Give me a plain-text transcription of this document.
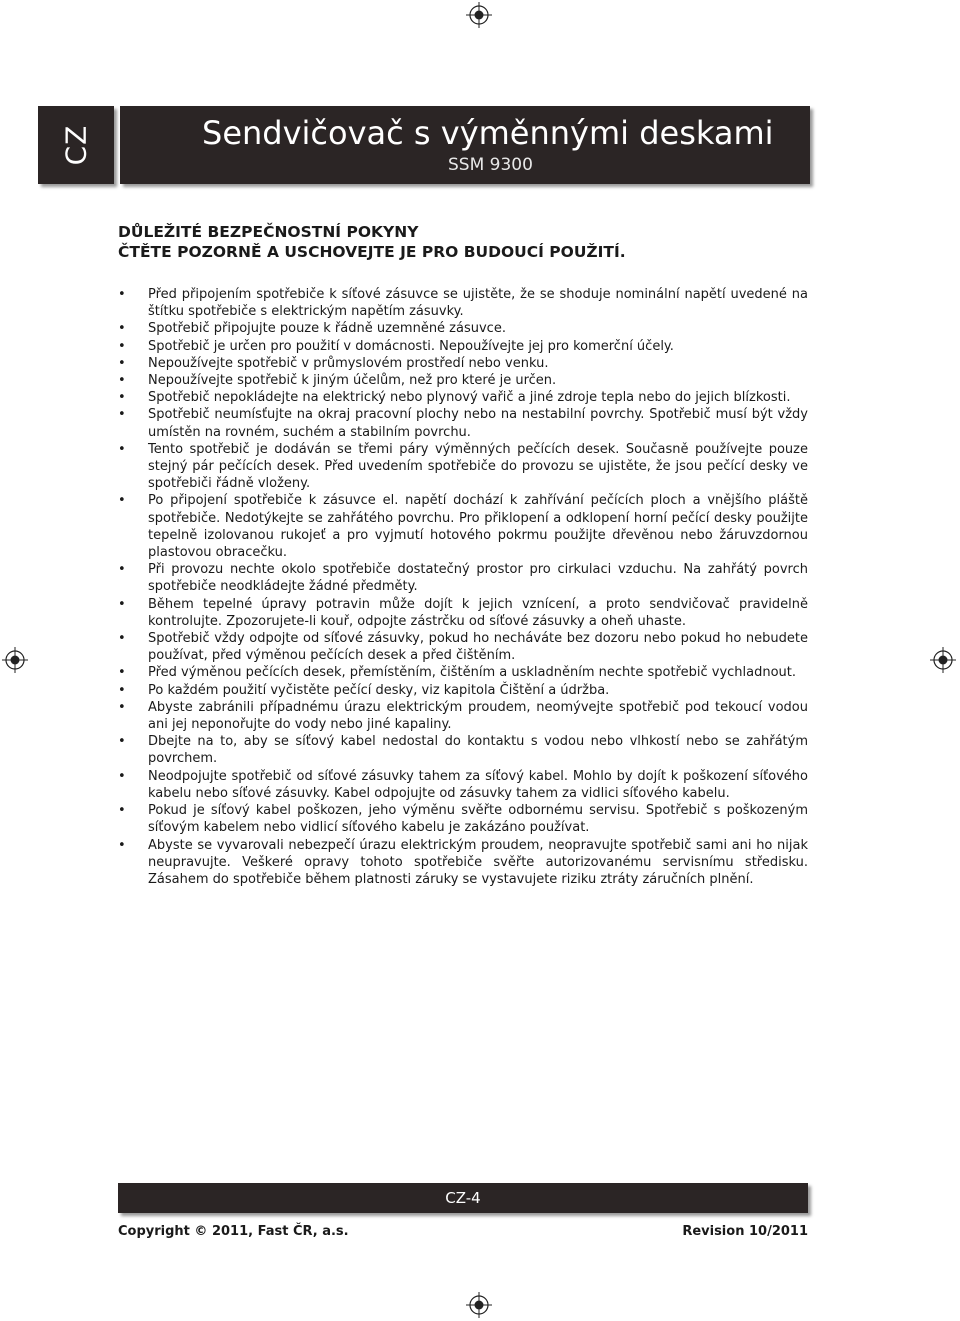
CZ	Sendvičovač s výměnnými deskami
SSM 9300
DŮLEŽITÉ BEZPEČNOSTNÍ POKYNY
ČTĚTE POZORNĚ A USCHOVEJTE JE PRO BUDOUCÍ POUŽITÍ.
• Před připojením spotřebiče k síťové zásuvce se ujistěte, že se shoduje nominální napětí uvedené na štítku spotřebiče s elektrickým napětím zásuvky.
• Spotřebič připojujte pouze k řádně uzemněné zásuvce.
• Spotřebič je určen pro použití v domácnosti. Nepoužívejte jej pro komerční účely.
• Nepoužívejte spotřebič v průmyslovém prostředí nebo venku.
• Nepoužívejte spotřebič k jiným účelům, než pro které je určen.
• Spotřebič nepokládejte na elektrický nebo plynový vařič a jiné zdroje tepla nebo do jejich blízkosti.
• Spotřebič neumísťujte na okraj pracovní plochy nebo na nestabilní povrchy. Spotřebič musí být vždy umístěn na rovném, suchém a stabilním povrchu.
• Tento spotřebič je dodáván se třemi páry výměnných pečících desek. Současně používejte pouze stejný pár pečících desek. Před uvedením spotřebiče do provozu se ujistěte, že jsou pečící desky ve spotřebiči řádně vloženy.
• Po připojení spotřebiče k zásuvce el. napětí dochází k zahřívání pečících ploch a vnějšího pláště spotřebiče. Nedotýkejte se zahřátého povrchu. Pro přiklopení a odklopení horní pečící desky použijte tepelně izolovanou rukojeť a pro vyjmutí hotového pokrmu použijte dřevěnou nebo žáruvzdornou plastovou obracečku.
• Při provozu nechte okolo spotřebiče dostatečný prostor pro cirkulaci vzduchu. Na zahřátý povrch spotřebiče neodkládejte žádné předměty.
• Během tepelné úpravy potravin může dojít k jejich vznícení, a proto sendvičovač pravidelně kontrolujte. Zpozorujete-li kouř, odpojte zástrčku od síťové zásuvky a oheň uhaste.
• Spotřebič vždy odpojte od síťové zásuvky, pokud ho necháváte bez dozoru nebo pokud ho nebudete používat, před výměnou pečících desek a před čištěním.
• Před výměnou pečících desek, přemístěním, čištěním a uskladněním nechte spotřebič vychladnout.
• Po každém použití vyčistěte pečící desky, viz kapitola Čištění a údržba.
• Abyste zabránili případnému úrazu elektrickým proudem, neomývejte spotřebič pod tekoucí vodou ani jej neponořujte do vody nebo jiné kapaliny.
• Dbejte na to, aby se síťový kabel nedostal do kontaktu s vodou nebo vlhkostí nebo se zahřátým povrchem.
• Neodpojujte spotřebič od síťové zásuvky tahem za síťový kabel. Mohlo by dojít k poškození síťového kabelu nebo síťové zásuvky. Kabel odpojujte od zásuvky tahem za vidlici síťového kabelu.
• Pokud je síťový kabel poškozen, jeho výměnu svěřte odbornému servisu. Spotřebič s poškozeným síťovým kabelem nebo vidlicí síťového kabelu je zakázáno používat.
• Abyste se vyvarovali nebezpečí úrazu elektrickým proudem, neopravujte spotřebič sami ani ho nijak neupravujte. Veškeré opravy tohoto spotřebiče svěřte autorizovanému servisnímu středisku. Zásahem do spotřebiče během platnosti záruky se vystavujete riziku ztráty záručních plnění.
CZ-4
Copyright © 2011, Fast ČR, a.s.	Revision 10/2011
